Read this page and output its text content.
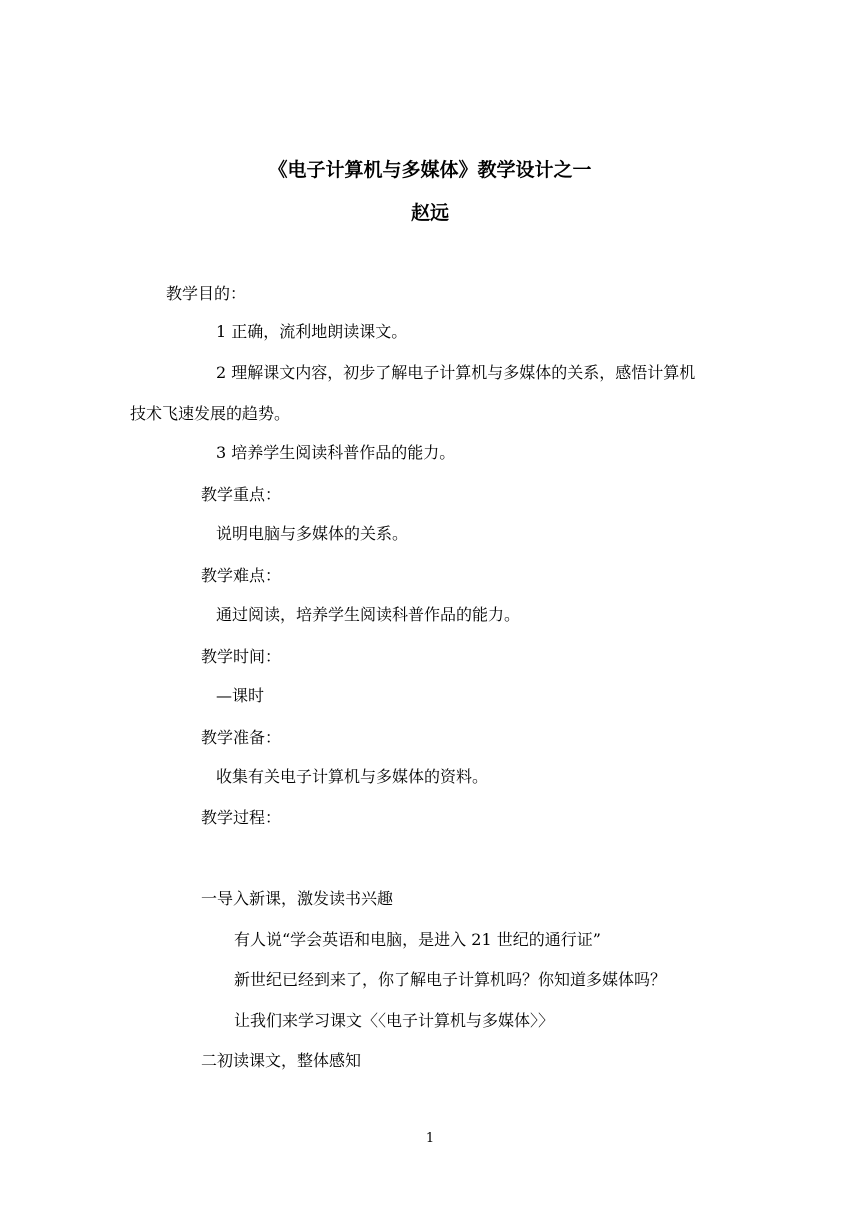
《电子计算机与多媒体》教学设计之一
赵远
教学目的：
1 正确，流利地朗读课文。
2 理解课文内容，初步了解电子计算机与多媒体的关系，感悟计算机
技术飞速发展的趋势。
3 培养学生阅读科普作品的能力。
教学重点：
说明电脑与多媒体的关系。
教学难点：
通过阅读，培养学生阅读科普作品的能力。
教学时间：
—课时
教学准备：
收集有关电子计算机与多媒体的资料。
教学过程：
一导入新课，激发读书兴趣
有人说“学会英语和电脑，是进入 21 世纪的通行证”
新世纪已经到来了，你了解电子计算机吗？你知道多媒体吗？
让我们来学习课文〈〈电子计算机与多媒体〉〉
二初读课文，整体感知
1
